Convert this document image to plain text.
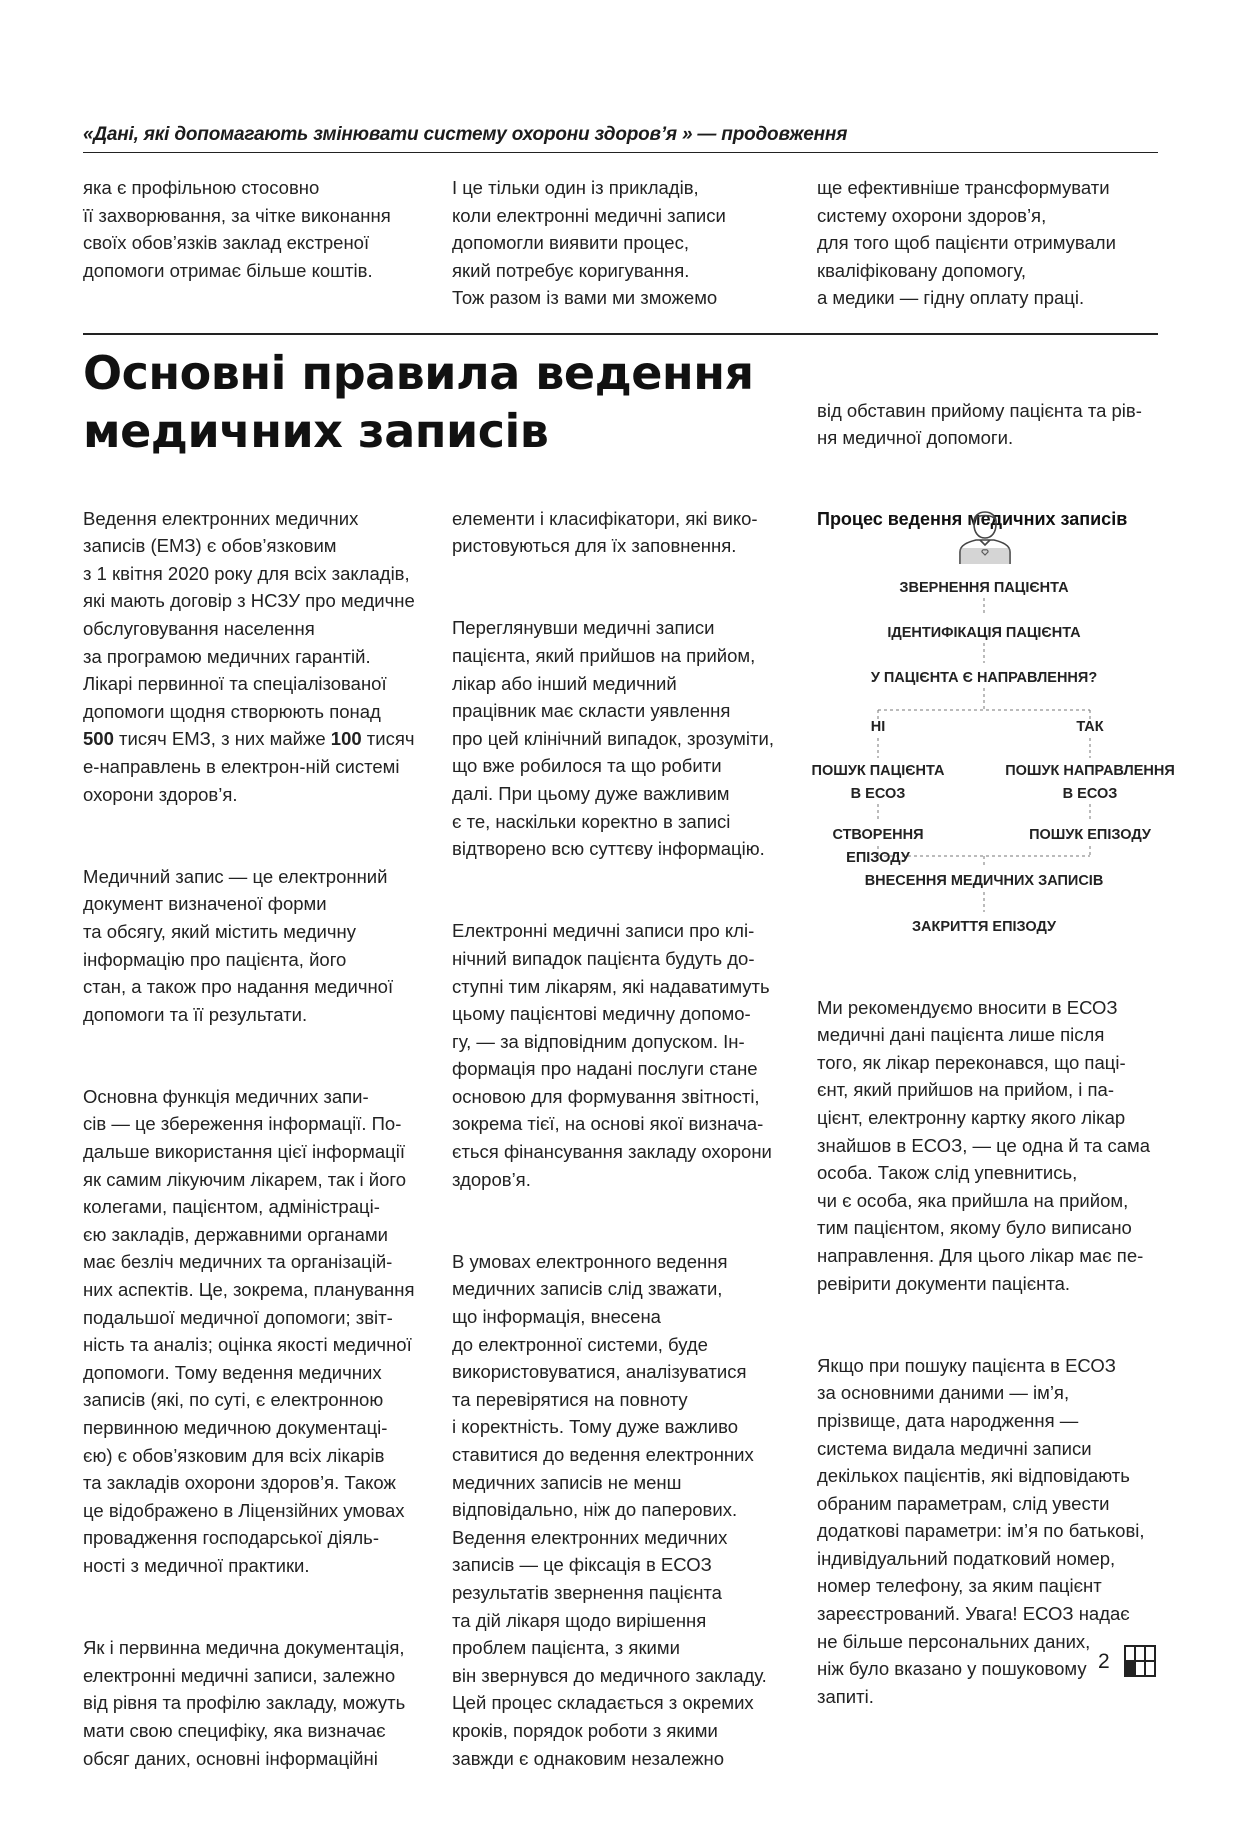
«Дані, які допомагають змінювати систему охорони здоров’я » — продовження
яка є профільною стосовно
її захворювання, за чітке виконання
своїх обов’язків заклад екстреної
допомоги отримає більше коштів.
І це тільки один із прикладів,
коли електронні медичні записи
допомогли виявити процес,
який потребує коригування.
Тож разом із вами ми зможемо
ще ефективніше трансформувати
систему охорони здоров’я,
для того щоб пацієнти отримували
кваліфіковану допомогу,
а медики — гідну оплату праці.
Основні правила ведення
медичних записів

Ведення електронних медичних
записів (ЕМЗ) є обов’язковим
з 1 квітня 2020 року для всіх закладів,
які мають договір з НСЗУ про медичне
обслуговування населення
за програмою медичних гарантій.
Лікарі первинної та спеціалізованої
допомоги щодня створюють понад
500 тисяч ЕМЗ, з них майже 100 тисяч
е-направлень в електрон-ній системі
охорони здоров’я.

Медичний запис — це електронний
документ визначеної форми
та обсягу, який містить медичну
інформацію про пацієнта, його
стан, а також про надання медичної
допомоги та її результати.

Основна функція медичних запи-
сів — це збереження інформації. По-
дальше використання цієї інформації
як самим лікуючим лікарем, так і його
колегами, пацієнтом, адміністраці-
єю закладів, державними органами
має безліч медичних та організацій-
них аспектів. Це, зокрема, планування
подальшої медичної допомоги; звіт-
ність та аналіз; оцінка якості медичної
допомоги. Тому ведення медичних
записів (які, по суті, є електронною
первинною медичною документаці-
єю) є обов’язковим для всіх лікарів
та закладів охорони здоров’я. Також
це відображено в Ліцензійних умовах
провадження господарської діяль-
ності з медичної практики.

Як і первинна медична документація,
електронні медичні записи, залежно
від рівня та профілю закладу, можуть
мати свою специфіку, яка визначає
обсяг даних, основні інформаційні

елементи і класифікатори, які вико-
ристовуються для їх заповнення.

Переглянувши медичні записи
пацієнта, який прийшов на прийом,
лікар або інший медичний
працівник має скласти уявлення
про цей клінічний випадок, зрозуміти,
що вже робилося та що робити
далі. При цьому дуже важливим
є те, наскільки коректно в записі
відтворено всю суттєву інформацію.

Електронні медичні записи про клі-
нічний випадок пацієнта будуть до-
ступні тим лікарям, які надаватимуть
цьому пацієнтові медичну допомо-
гу, — за відповідним допуском. Ін-
формація про надані послуги стане
основою для формування звітності,
зокрема тієї, на основі якої визнача-
ється фінансування закладу охорони
здоров’я.

В умовах електронного ведення
медичних записів слід зважати,
що інформація, внесена
до електронної системи, буде
використовуватися, аналізуватися
та перевірятися на повноту
і коректність. Тому дуже важливо
ставитися до ведення електронних
медичних записів не менш
відповідально, ніж до паперових.
Ведення електронних медичних
записів — це фіксація в ЕСОЗ
результатів звернення пацієнта
та дій лікаря щодо вирішення
проблем пацієнта, з якими
він звернувся до медичного закладу.
Цей процес складається з окремих
кроків, порядок роботи з якими
завжди є однаковим незалежно

від обставин прийому пацієнта та рів-
ня медичної допомоги.

Процес ведення медичних записів

ЗВЕРНЕННЯ ПАЦІЄНТА
ІДЕНТИФІКАЦІЯ ПАЦІЄНТА
У ПАЦІЄНТА Є НАПРАВЛЕННЯ?
НІ	ТАК
ПОШУК ПАЦІЄНТА
В ЕСОЗ
ПОШУК НАПРАВЛЕННЯ
В ЕСОЗ
СТВОРЕННЯ ЕПІЗОДУ
ПОШУК ЕПІЗОДУ
ВНЕСЕННЯ МЕДИЧНИХ ЗАПИСІВ
ЗАКРИТТЯ ЕПІЗОДУ

Ми рекомендуємо вносити в ЕСОЗ
медичні дані пацієнта лише після
того, як лікар переконався, що паці-
єнт, який прийшов на прийом, і па-
цієнт, електронну картку якого лікар
знайшов в ЕСОЗ, — це одна й та сама
особа. Також слід упевнитись,
чи є особа, яка прийшла на прийом,
тим пацієнтом, якому було виписано
направлення. Для цього лікар має пе-
ревірити документи пацієнта.

Якщо при пошуку пацієнта в ЕСОЗ
за основними даними — ім’я,
прізвище, дата народження —
система видала медичні записи
декількох пацієнтів, які відповідають
обраним параметрам, слід увести
додаткові параметри: ім’я по батькові,
індивідуальний податковий номер,
номер телефону, за яким пацієнт
зареєстрований. Увага! ЕСОЗ надає
не більше персональних даних,
ніж було вказано у пошуковому
запиті.

2
